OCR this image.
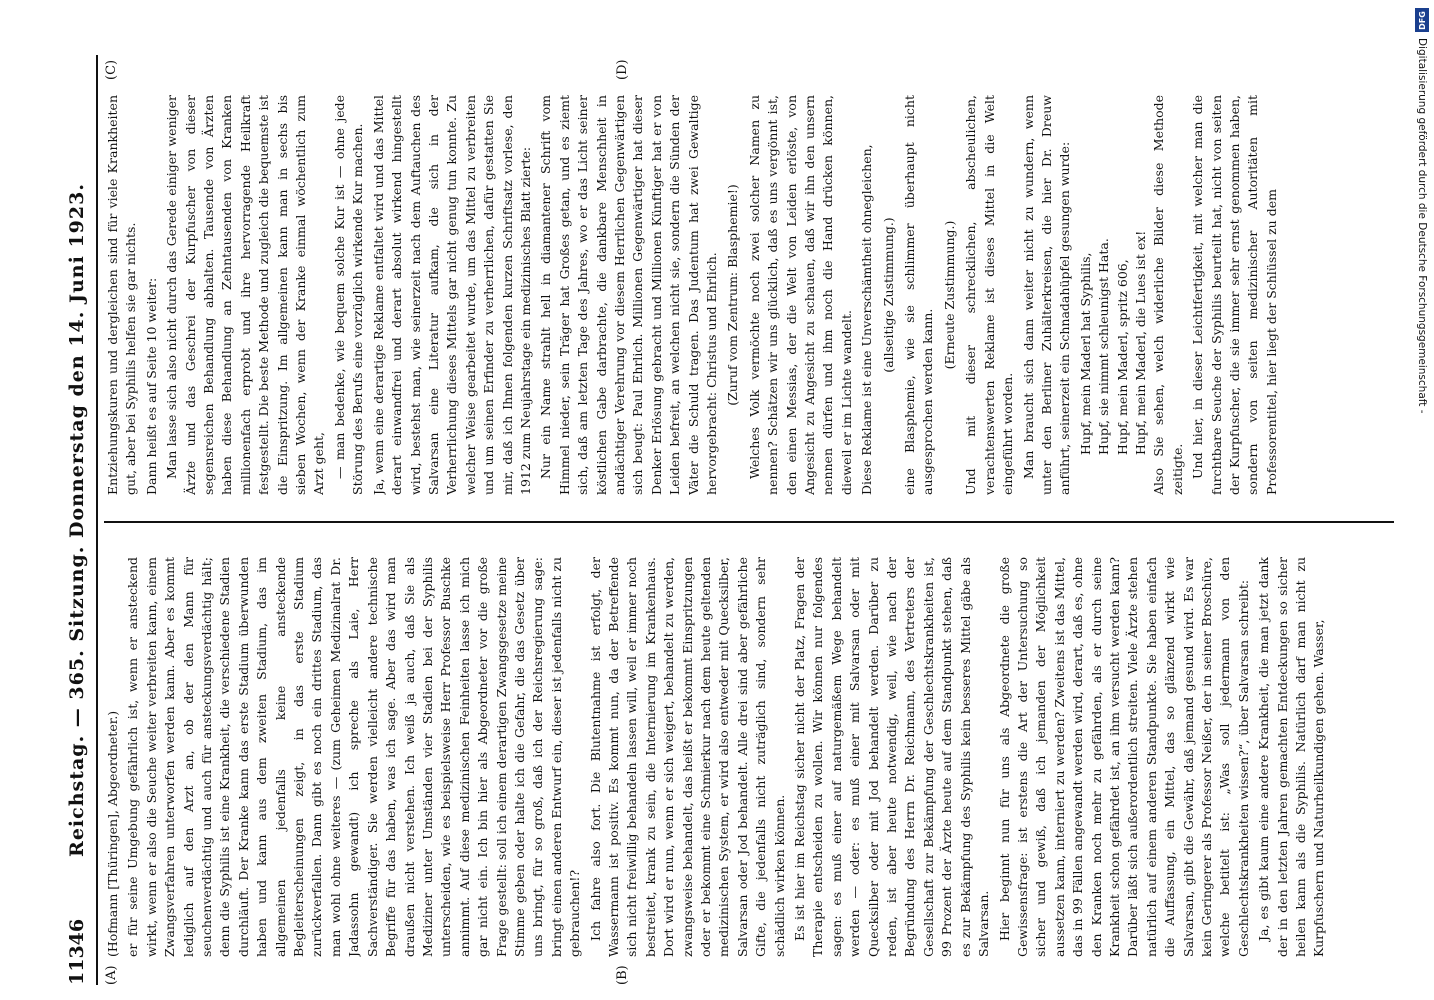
11346
Reichstag. — 365. Sitzung. Donnerstag den 14. Juni 1923.
(A)	(B)
(C)	(D)

(Hofmann [Thüringen], Abgeordneter.) er für seine Umgebung gefährlich ist, wenn er ansteckend wirkt, wenn er also die Seuche weiter verbreiten kann, einem Zwangsverfahren unterworfen werden kann. Aber es kommt lediglich auf den Arzt an, ob der den Mann für seuchenverdächtig und auch für ansteckungsverdächtig hält; denn die Syphilis ist eine Krankheit, die verschiedene Stadien durchläuft. Der Kranke kann das erste Stadium überwunden haben und kann aus dem zweiten Stadium, das im allgemeinen jedenfalls keine ansteckende Begleiterscheinungen zeigt, in das erste Stadium zurückverfallen. Dann gibt es noch ein drittes Stadium, das man wohl ohne weiteres — (zum Geheimen Medizinalrat Dr. Jadassohn gewandt) ich spreche als Laie, Herr Sachverständiger. Sie werden vielleicht andere technische Begriffe für das haben, was ich sage. Aber das wird man draußen nicht verstehen. Ich weiß ja auch, daß Sie als Mediziner unter Umständen vier Stadien bei der Syphilis unterscheiden, wie es beispielsweise Herr Professor Buschke annimmt. Auf diese medizinischen Feinheiten lasse ich mich gar nicht ein. Ich bin hier als Abgeordneter vor die große Frage gestellt: soll ich einem derartigen Zwangsgesetze meine Stimme geben oder halte ich die Gefahr, die das Gesetz über uns bringt, für so groß, daß ich der Reichsregierung sage: bringt einen anderen Entwurf ein, dieser ist jedenfalls nicht zu gebrauchen!? Ich fahre also fort. Die Blutentnahme ist erfolgt, der Wassermann ist positiv. Es kommt nun, da der Betreffende sich nicht freiwillig behandeln lassen will, weil er immer noch bestreitet, krank zu sein, die Internierung im Krankenhaus. Dort wird er nun, wenn er sich weigert, behandelt zu werden, zwangsweise behandelt, das heißt er bekommt Einspritzungen oder er bekommt eine Schmierkur nach dem heute geltenden medizinischen System, er wird also entweder mit Quecksilber, Salvarsan oder Jod behandelt. Alle drei sind aber gefährliche Gifte, die jedenfalls nicht zuträglich sind, sondern sehr schädlich wirken können. Es ist hier im Reichstag sicher nicht der Platz, Fragen der Therapie entscheiden zu wollen. Wir können nur folgendes sagen: es muß einer auf naturgemäßem Wege behandelt werden — oder: es muß einer mit Salvarsan oder mit Quecksilber oder mit Jod behandelt werden. Darüber zu reden, ist aber heute notwendig, weil, wie nach der Begründung des Herrn Dr. Reichmann, des Vertreters der Gesellschaft zur Bekämpfung der Geschlechtskrankheiten ist, 99 Prozent der Ärzte heute auf dem Standpunkt stehen, daß es zur Bekämpfung des Syphilis kein besseres Mittel gäbe als Salvarsan. Hier beginnt nun für uns als Abgeordnete die große Gewissensfrage: ist erstens die Art der Untersuchung so sicher und gewiß, daß ich jemanden der Möglichkeit aussetzen kann, interniert zu werden? Zweitens ist das Mittel, das in 99 Fällen angewandt werden wird, derart, daß es, ohne den Kranken noch mehr zu gefährden, als er durch seine Krankheit schon gefährdet ist, an ihm versucht werden kann? Darüber läßt sich außerordentlich streiten. Viele Ärzte stehen natürlich auf einem anderen Standpunkte. Sie haben einfach die Auffassung, ein Mittel, das so glänzend wirkt wie Salvarsan, gibt die Gewähr, daß jemand gesund wird. Es war kein Geringerer als Professor Neißer, der in seiner Broschüre, welche betitelt ist: „Was soll jedermann von den Geschlechtskrankheiten wissen?“, über Salvarsan schreibt: Ja, es gibt kaum eine andere Krankheit, die man jetzt dank der in den letzten Jahren gemachten Entdeckungen so sicher heilen kann als die Syphilis. Natürlich darf man nicht zu Kurpfuschern und Naturheilkundigen gehen. Wasser,

Entziehungskuren und dergleichen sind für viele Krankheiten gut, aber bei Syphilis helfen sie gar nichts. Dann heißt es auf Seite 10 weiter: Man lasse sich also nicht durch das Gerede einiger weniger Ärzte und das Geschrei der Kurpfuscher von dieser segensreichen Behandlung abhalten. Tausende von Ärzten haben diese Behandlung an Zehntausenden von Kranken millionenfach erprobt und ihre hervorragende Heilkraft festgestellt. Die beste Methode und zugleich die bequemste ist die Einspritzung. Im allgemeinen kann man in sechs bis sieben Wochen, wenn der Kranke einmal wöchentlich zum Arzt geht, — man bedenke, wie bequem solche Kur ist — ohne jede Störung des Berufs eine vorzüglich wirkende Kur machen. Ja, wenn eine derartige Reklame entfaltet wird und das Mittel derart einwandfrei und derart absolut wirkend hingestellt wird, bestehst man, wie seinerzeit nach dem Auftauchen des Salvarsan eine Literatur aufkam, die sich in der Verherrlichung dieses Mittels gar nicht genug tun konnte. Zu welcher Weise gearbeitet wurde, um das Mittel zu verbreiten und um seinen Erfinder zu verherrlichen, dafür gestatten Sie mir, daß ich Ihnen folgenden kurzen Schriftsatz vorlese, den 1912 zum Neujahrstage ein medizinisches Blatt zierte: Nur ein Name strahlt hell in diamantener Schrift vom Himmel nieder, sein Träger hat Großes getan, und es ziemt sich, daß am letzten Tage des Jahres, wo er das Licht seiner köstlichen Gabe darbrachte, die dankbare Menschheit in andächtiger Verehrung vor diesem Herrlichen Gegenwärtigen sich beugt: Paul Ehrlich. Millionen Gegenwärtiger hat dieser Denker Erlösung gebracht und Millionen Künftiger hat er von Leiden befreit, an welchen nicht sie, sondern die Sünden der Väter die Schuld tragen. Das Judentum hat zwei Gewaltige hervorgebracht: Christus und Ehrlich. (Zuruf vom Zentrum: Blasphemie!) Welches Volk vermöchte noch zwei solcher Namen zu nennen? Schätzen wir uns glücklich, daß es uns vergönnt ist, den einen Messias, der die Welt von Leiden erlöste, von Angesicht zu Angesicht zu schauen, daß wir ihn den unsern nennen dürfen und ihm noch die Hand drücken können, dieweil er im Lichte wandelt. Diese Reklame ist eine Unverschämtheit ohnegleichen, (allseitige Zustimmung.) eine Blasphemie, wie sie schlimmer überhaupt nicht ausgesprochen werden kann.

(Erneute Zustimmung.) Und mit dieser schrecklichen, abscheulichen, verachtenswerten Reklame ist dieses Mittel in die Welt eingeführt worden. Man braucht sich dann weiter nicht zu wundern, wenn unter den Berliner Zuhälterkreisen, die hier Dr. Dreuw anführt, seinerzeit ein Schnadahüpfel gesungen wurde: Hupf, mein Maderl hat Syphilis, Hupf, sie nimmt schleunigst Hata. Hupf, mein Maderl, spritz 606, Hupf, mein Maderl, die Lues ist ex! Also Sie sehen, welch widerliche Bilder diese Methode zeitigte. Und hier, in dieser Leichtfertigkeit, mit welcher man die furchtbare Seuche der Syphilis beurteilt hat, nicht von seiten der Kurpfuscher, die sie immer sehr ernst genommen haben, sondern von seiten medizinischer Autoritäten mit Professorentitel, hier liegt der Schlüssel zu dem

DFG
Digitalisierung gefördert durch die Deutsche Forschungsgemeinschaft -
